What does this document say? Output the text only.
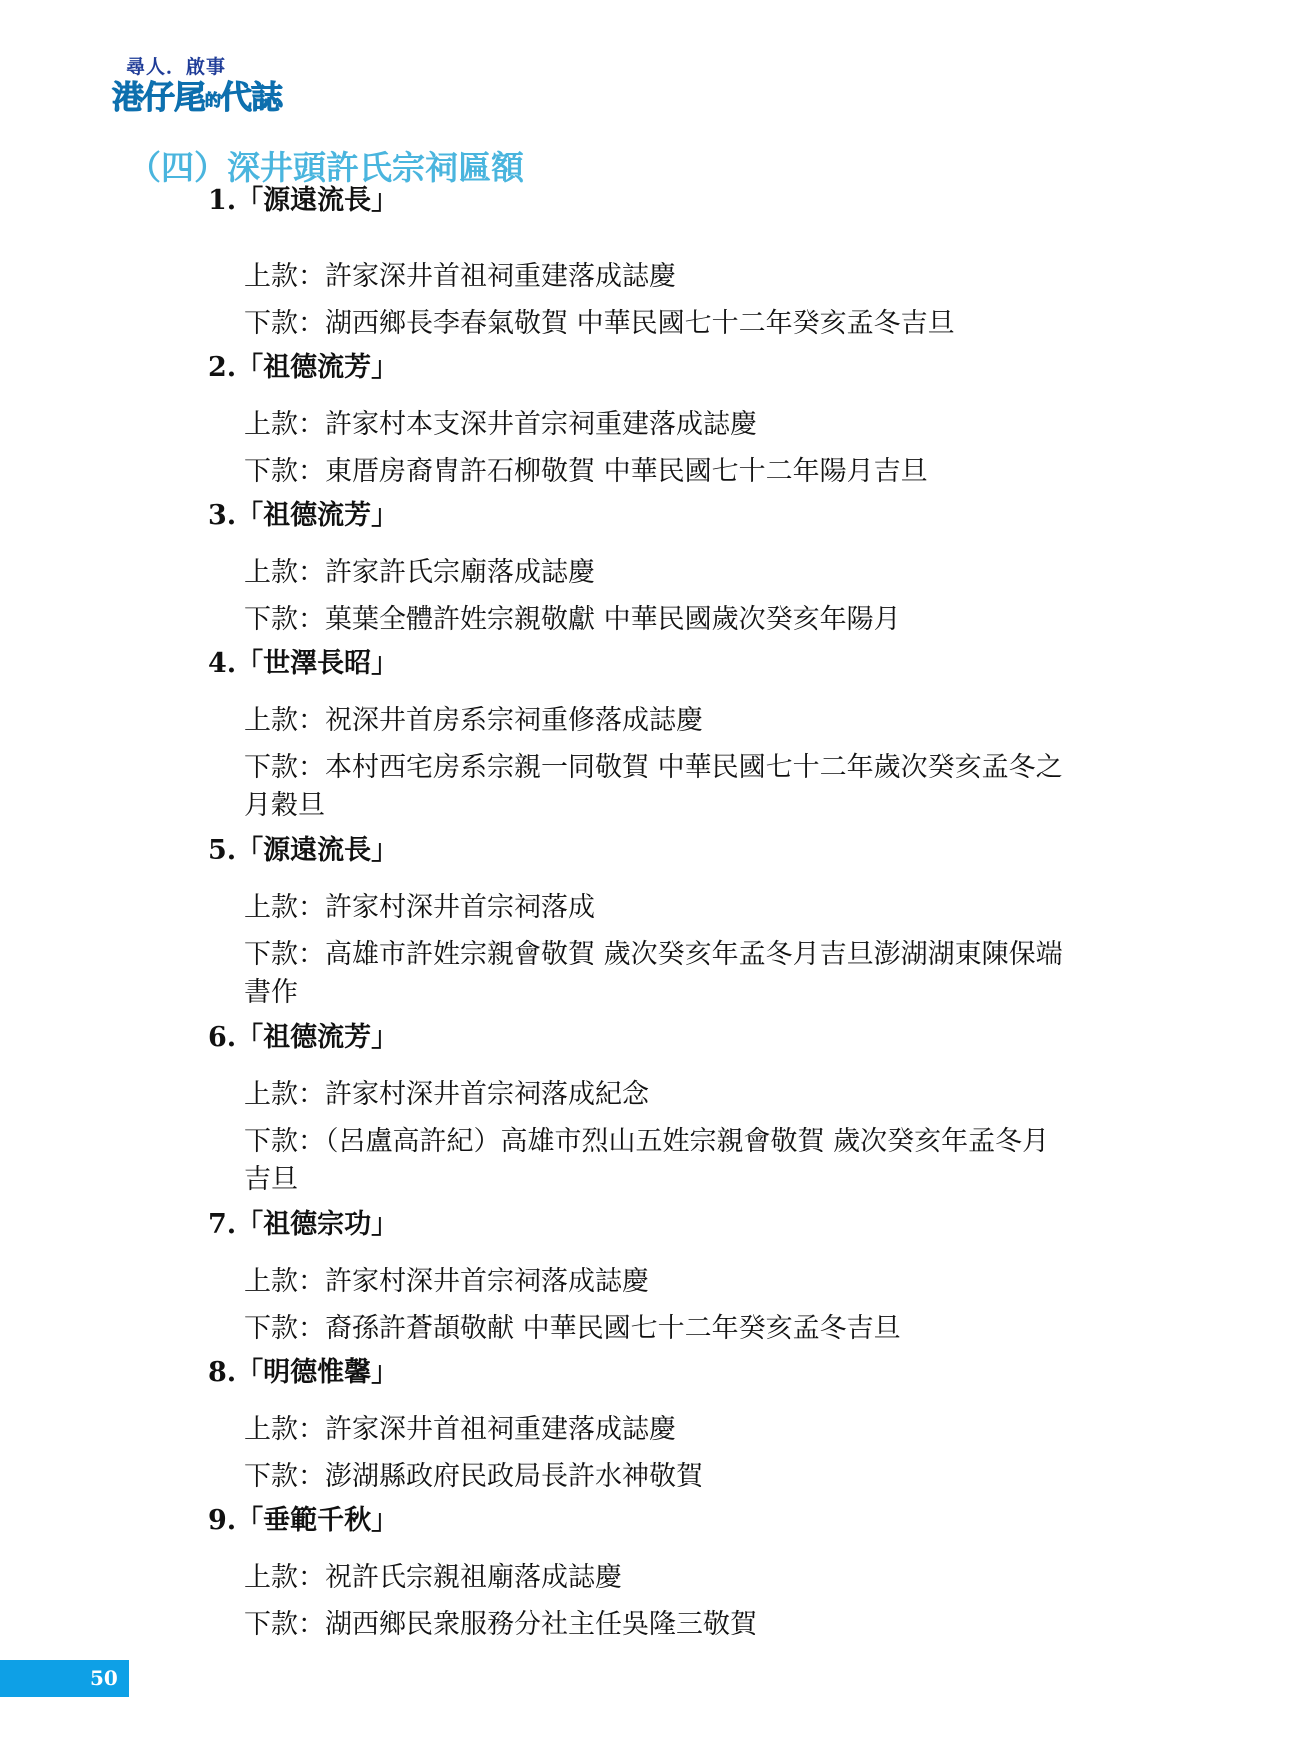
尋人．啟事
港仔尾的代誌
（四）深井頭許氏宗祠匾額
1.「源遠流長」
上款：許家深井首祖祠重建落成誌慶
下款：湖西鄉長李春氣敬賀 中華民國七十二年癸亥孟冬吉旦
2.「祖德流芳」
上款：許家村本支深井首宗祠重建落成誌慶
下款：東厝房裔冑許石柳敬賀 中華民國七十二年陽月吉旦
3.「祖德流芳」
上款：許家許氏宗廟落成誌慶
下款：菓葉全體許姓宗親敬獻 中華民國歲次癸亥年陽月
4.「世澤長昭」
上款：祝深井首房系宗祠重修落成誌慶
下款：本村西宅房系宗親一同敬賀 中華民國七十二年歲次癸亥孟冬之
月穀旦
5.「源遠流長」
上款：許家村深井首宗祠落成
下款：高雄市許姓宗親會敬賀 歲次癸亥年孟冬月吉旦澎湖湖東陳保端
書作
6.「祖德流芳」
上款：許家村深井首宗祠落成紀念
下款：（呂盧高許紀）高雄市烈山五姓宗親會敬賀 歲次癸亥年孟冬月
吉旦
7.「祖德宗功」
上款：許家村深井首宗祠落成誌慶
下款：裔孫許蒼頡敬献 中華民國七十二年癸亥孟冬吉旦
8.「明德惟馨」
上款：許家深井首祖祠重建落成誌慶
下款：澎湖縣政府民政局長許水神敬賀
9.「垂範千秋」
上款：祝許氏宗親祖廟落成誌慶
下款：湖西鄉民衆服務分社主任吳隆三敬賀
50
